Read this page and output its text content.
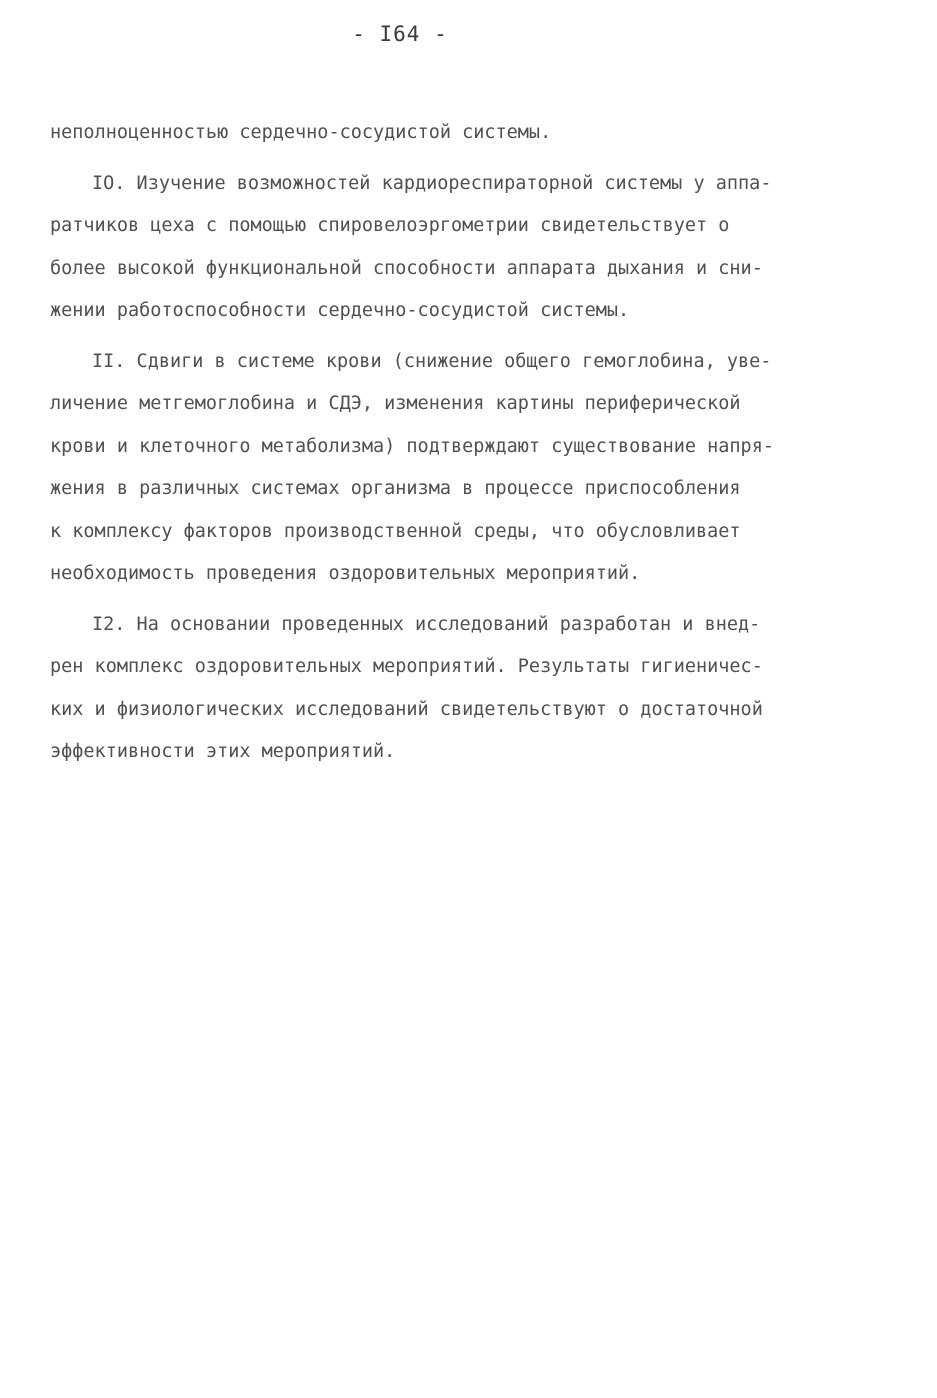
- I64 -
неполноценностью сердечно-сосудистой системы.
IO. Изучение возможностей кардиореспираторной системы у аппа-
ратчиков цеха с помощью спировелоэргометрии свидетельствует о
более высокой функциональной способности аппарата дыхания и сни-
жении работоспособности сердечно-сосудистой системы.
II. Сдвиги в системе крови (снижение общего гемоглобина, уве-
личение метгемоглобина и СДЭ, изменения картины периферической
крови и клеточного метаболизма) подтверждают существование напря-
жения в различных системах организма в процессе приспособления
к комплексу факторов производственной среды, что обусловливает
необходимость проведения оздоровительных мероприятий.
I2. На основании проведенных исследований разработан и внед-
рен комплекс оздоровительных мероприятий. Результаты гигиеничес-
ких и физиологических исследований свидетельствуют о достаточной
эффективности этих мероприятий.
